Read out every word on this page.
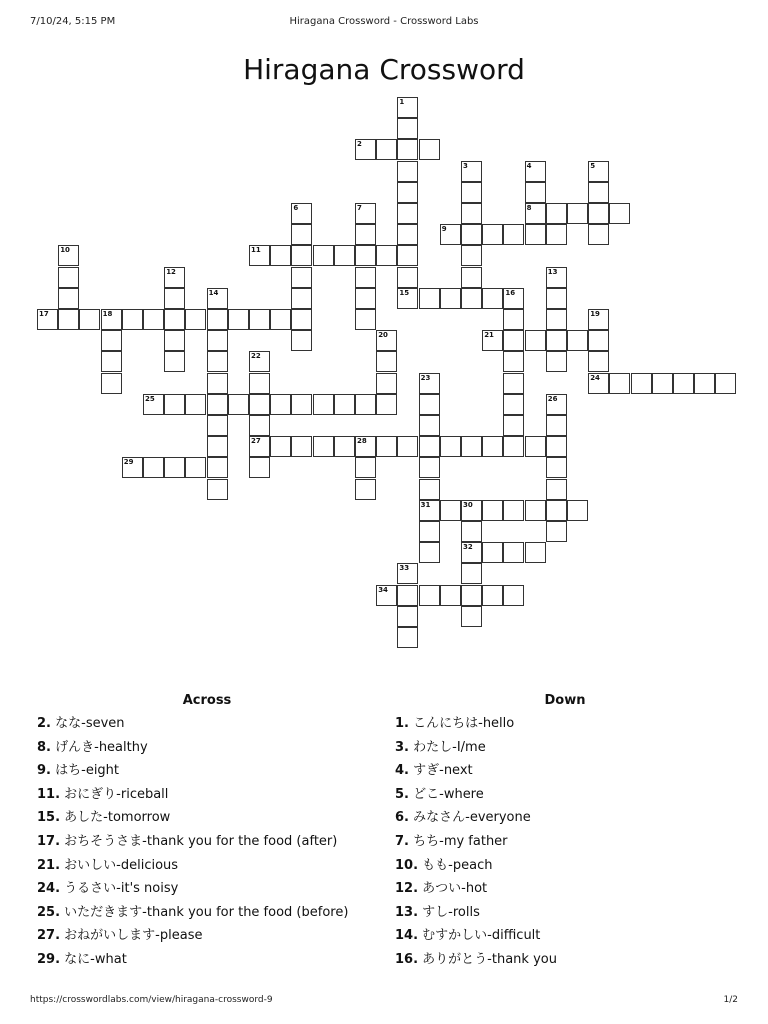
7/10/24, 5:15 PM	Hiragana Crossword - Crossword Labs
Hiragana Crossword
2
8
9
11
15	16
17	18
21
24
25
27	28
29
31	30
32
34
1
3	4	5
6	7
10
12	13
14
19
20
22
23
26
33
Across
2. なな-seven
8. げんき-healthy
9. はち-eight
11. おにぎり-riceball
15. あした-tomorrow
17. おちそうさま-thank you for the food (after)
21. おいしい-delicious
24. うるさい-it's noisy
25. いただきます-thank you for the food (before)
27. おねがいします-please
29. なに-what
Down
1. こんにちは-hello
3. わたし-I/me
4. すぎ-next
5. どこ-where
6. みなさん-everyone
7. ちち-my father
10. もも-peach
12. あつい-hot
13. すし-rolls
14. むすかしい-difficult
16. ありがとう-thank you
https://crosswordlabs.com/view/hiragana-crossword-9	1/2
